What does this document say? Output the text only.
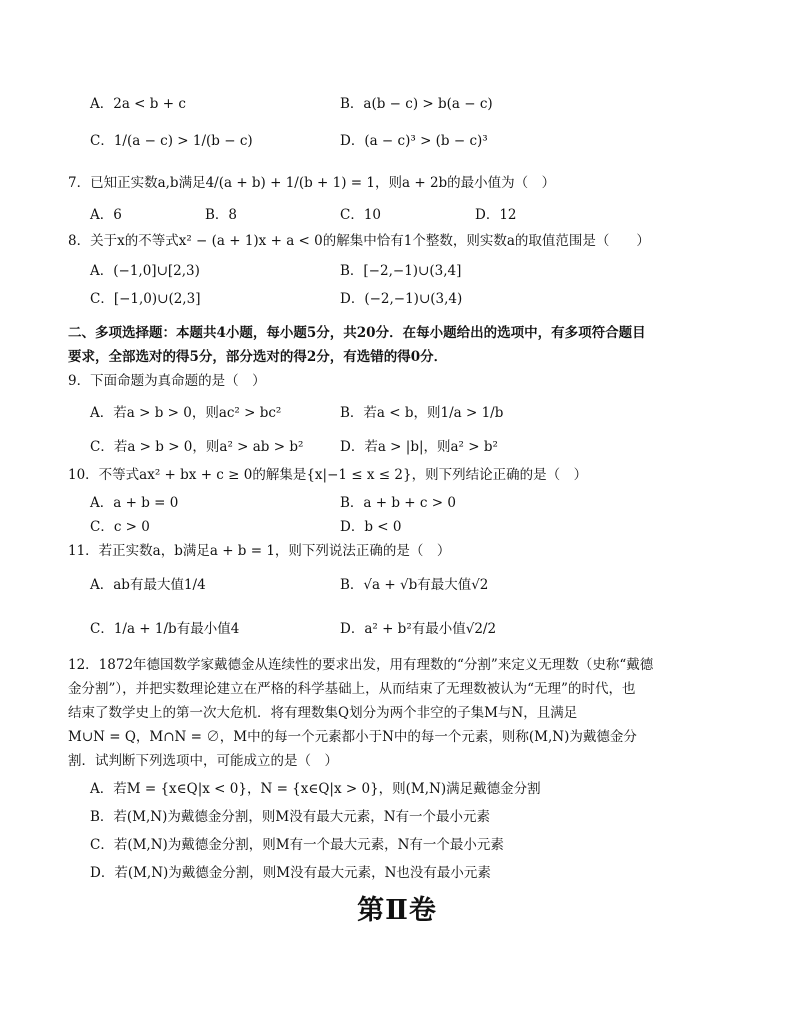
A．2a < b + c	B．a(b − c) > b(a − c)
C．1/(a − c) > 1/(b − c)	D．(a − c)³ > (b − c)³
7．已知正实数a,b满足4/(a + b) + 1/(b + 1) = 1，则a + 2b的最小值为（　）
A．6	B．8	C．10	D．12
8．关于x的不等式x² − (a + 1)x + a < 0的解集中恰有1个整数，则实数a的取值范围是（　　）
A．(−1,0]∪[2,3)	B．[−2,−1)∪(3,4]
C．[−1,0)∪(2,3]	D．(−2,−1)∪(3,4)
二、多项选择题：本题共4小题，每小题5分，共20分．在每小题给出的选项中，有多项符合题目
要求，全部选对的得5分，部分选对的得2分，有选错的得0分．
9．下面命题为真命题的是（　）
A．若a > b > 0，则ac² > bc²	B．若a < b，则1/a > 1/b
C．若a > b > 0，则a² > ab > b²	D．若a > |b|，则a² > b²
10．不等式ax² + bx + c ≥ 0的解集是{x|−1 ≤ x ≤ 2}，则下列结论正确的是（　）
A．a + b = 0	B．a + b + c > 0
C．c > 0	D．b < 0
11．若正实数a，b满足a + b = 1，则下列说法正确的是（　）
A．ab有最大值1/4	B．√a + √b有最大值√2
C．1/a + 1/b有最小值4	D．a² + b²有最小值√2/2
12．1872年德国数学家戴德金从连续性的要求出发，用有理数的“分割”来定义无理数（史称“戴德
金分割”），并把实数理论建立在严格的科学基础上，从而结束了无理数被认为“无理”的时代，也
结束了数学史上的第一次大危机．将有理数集Q划分为两个非空的子集M与N，且满足
M∪N = Q，M∩N = ∅，M中的每一个元素都小于N中的每一个元素，则称(M,N)为戴德金分
割．试判断下列选项中，可能成立的是（　）
A．若M = {x∈Q|x < 0}，N = {x∈Q|x > 0}，则(M,N)满足戴德金分割
B．若(M,N)为戴德金分割，则M没有最大元素，N有一个最小元素
C．若(M,N)为戴德金分割，则M有一个最大元素，N有一个最小元素
D．若(M,N)为戴德金分割，则M没有最大元素，N也没有最小元素
第Ⅱ卷
